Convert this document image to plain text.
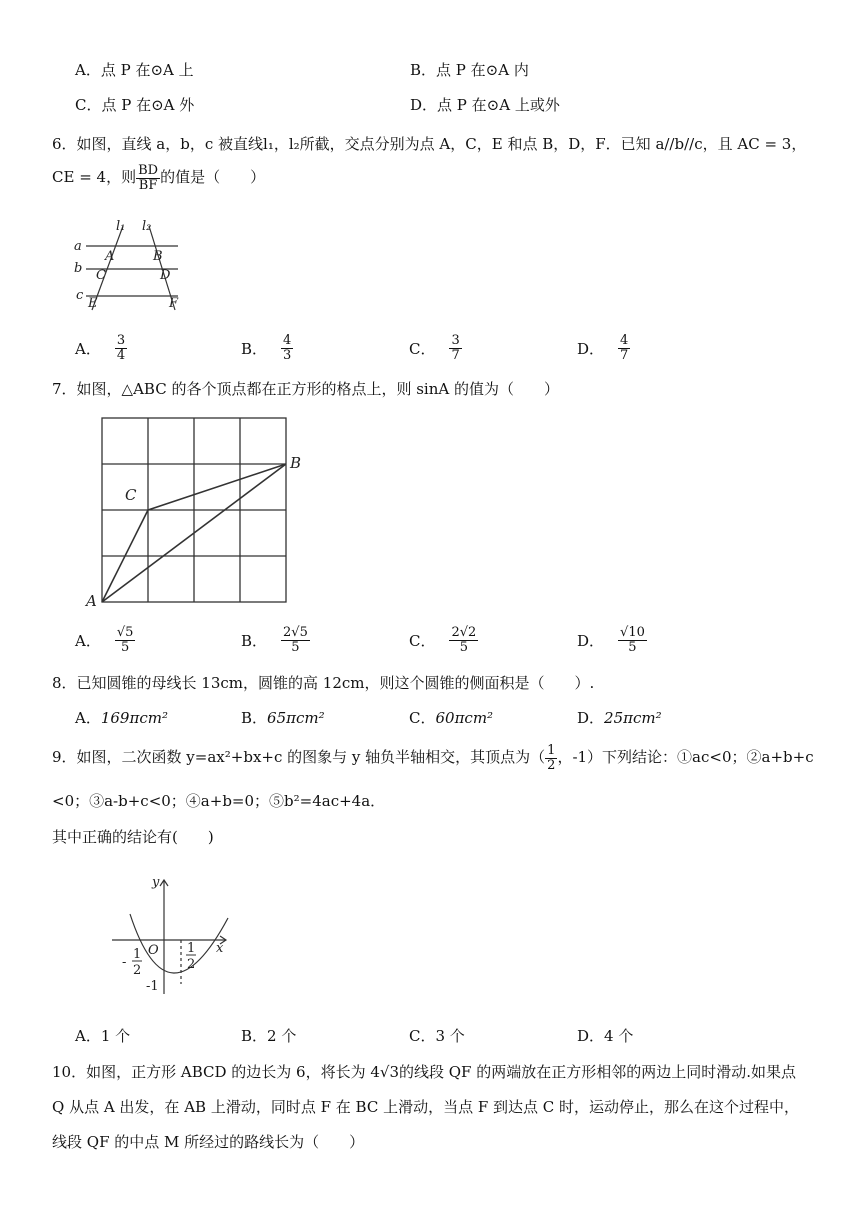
A．点 P 在⊙A 上	B．点 P 在⊙A 内
C．点 P 在⊙A 外	D．点 P 在⊙A 上或外
6．如图，直线 a，b，c 被直线l₁，l₂所截，交点分别为点 A，C，E 和点 B，D，F．已知 a//b//c，且 AC = 3，
CE = 4，则 $\frac{BD}{BF}$ 的值是（　　）
l₁ l₂
a
b
c
A	B
C	D
E	F
A． $\frac{3}{4}$	B． $\frac{4}{3}$	C． $\frac{3}{7}$	D． $\frac{4}{7}$
7．如图，△ABC 的各个顶点都在正方形的格点上，则 sinA 的值为（　　）
A
B
C
A． $\frac{√5}{5}$	B． $\frac{2√5}{5}$	C． $\frac{2√2}{5}$	D． $\frac{√10}{5}$
8．已知圆锥的母线长 13cm，圆锥的高 12cm，则这个圆锥的侧面积是（　　）.
A．169πcm²	B．65πcm²	C．60πcm²	D．25πcm²
9．如图，二次函数 y=ax²+bx+c 的图象与 y 轴负半轴相交，其顶点为（ $\frac{1}{2}$ ，-1）下列结论：①ac<0；②a+b+c
<0；③a-b+c<0；④a+b=0；⑤b²=4ac+4a．
其中正确的结论有(　　)
y
x
O
-
1
2
1
2
-1
A．1 个	B．2 个	C．3 个	D．4 个
10．如图，正方形 ABCD 的边长为 6，将长为 4√3的线段 QF 的两端放在正方形相邻的两边上同时滑动.如果点
Q 从点 A 出发，在 AB 上滑动，同时点 F 在 BC 上滑动，当点 F 到达点 C 时，运动停止，那么在这个过程中，
线段 QF 的中点 M 所经过的路线长为（　　）
